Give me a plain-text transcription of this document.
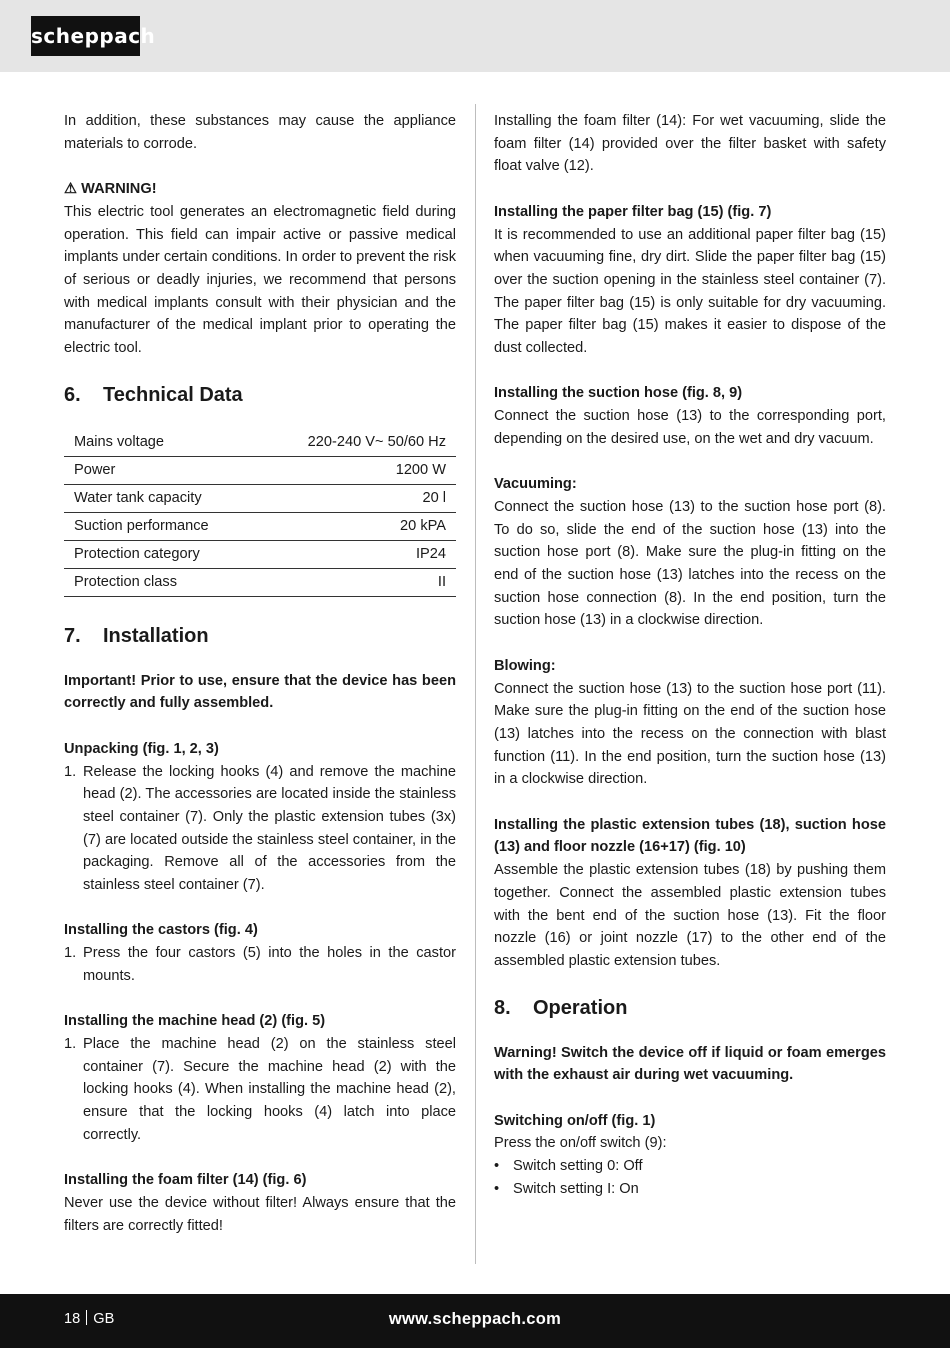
scheppach

In addition, these substances may cause the appliance materials to corrode.

⚠ WARNING!

This electric tool generates an electromagnetic field during operation. This field can impair active or passive medical implants under certain conditions. In order to prevent the risk of serious or deadly injuries, we recommend that persons with medical implants consult with their physician and the manufacturer of the medical implant prior to operating the electric tool.

6.	Technical Data
Mains voltage	220-240 V~ 50/60 Hz
Power	1200 W
Water tank capacity	20 l
Suction performance	20 kPA
Protection category	IP24
Protection class	II
7.	Installation

Important! Prior to use, ensure that the device has been correctly and fully assembled.

Unpacking (fig. 1, 2, 3)

1. Release the locking hooks (4) and remove the machine head (2). The accessories are located inside the stainless steel container (7). Only the plastic extension tubes (3x) (7) are located outside the stainless steel container, in the packaging. Remove all of the accessories from the stainless steel container (7).

Installing the castors (fig. 4)

1. Press the four castors (5) into the holes in the castor mounts.

Installing the machine head (2) (fig. 5)

1. Place the machine head (2) on the stainless steel container (7). Secure the machine head (2) with the locking hooks (4). When installing the machine head (2), ensure that the locking hooks (4) latch into place correctly.

Installing the foam filter (14) (fig. 6)

Never use the device without filter! Always ensure that the filters are correctly fitted!

Installing the foam filter (14): For wet vacuuming, slide the foam filter (14) provided over the filter basket with safety float valve (12).

Installing the paper filter bag (15) (fig. 7)

It is recommended to use an additional paper filter bag (15) when vacuuming fine, dry dirt. Slide the paper filter bag (15) over the suction opening in the stainless steel container (7). The paper filter bag (15) is only suitable for dry vacuuming. The paper filter bag (15) makes it easier to dispose of the dust collected.

Installing the suction hose (fig. 8, 9)

Connect the suction hose (13) to the corresponding port, depending on the desired use, on the wet and dry vacuum.

Vacuuming:

Connect the suction hose (13) to the suction hose port (8). To do so, slide the end of the suction hose (13) into the suction hose port (8). Make sure the plug-in fitting on the end of the suction hose (13) latches into the recess on the suction hose connection (8). In the end position, turn the suction hose (13) in a clockwise direction.

Blowing:

Connect the suction hose (13) to the suction hose port (11). Make sure the plug-in fitting on the end of the suction hose (13) latches into the recess on the connection with blast function (11). In the end position, turn the suction hose (13) in a clockwise direction.

Installing the plastic extension tubes (18), suction hose (13) and floor nozzle (16+17) (fig. 10)

Assemble the plastic extension tubes (18) by pushing them together. Connect the assembled plastic extension tubes with the bent end of the suction hose (13). Fit the floor nozzle (16) or joint nozzle (17) to the other end of the assembled plastic extension tubes.

8.	Operation

Warning! Switch the device off if liquid or foam emerges with the exhaust air during wet vacuuming.

Switching on/off (fig. 1)

Press the on/off switch (9):

• Switch setting 0: Off
• Switch setting I: On
18 GB	www.scheppach.com
